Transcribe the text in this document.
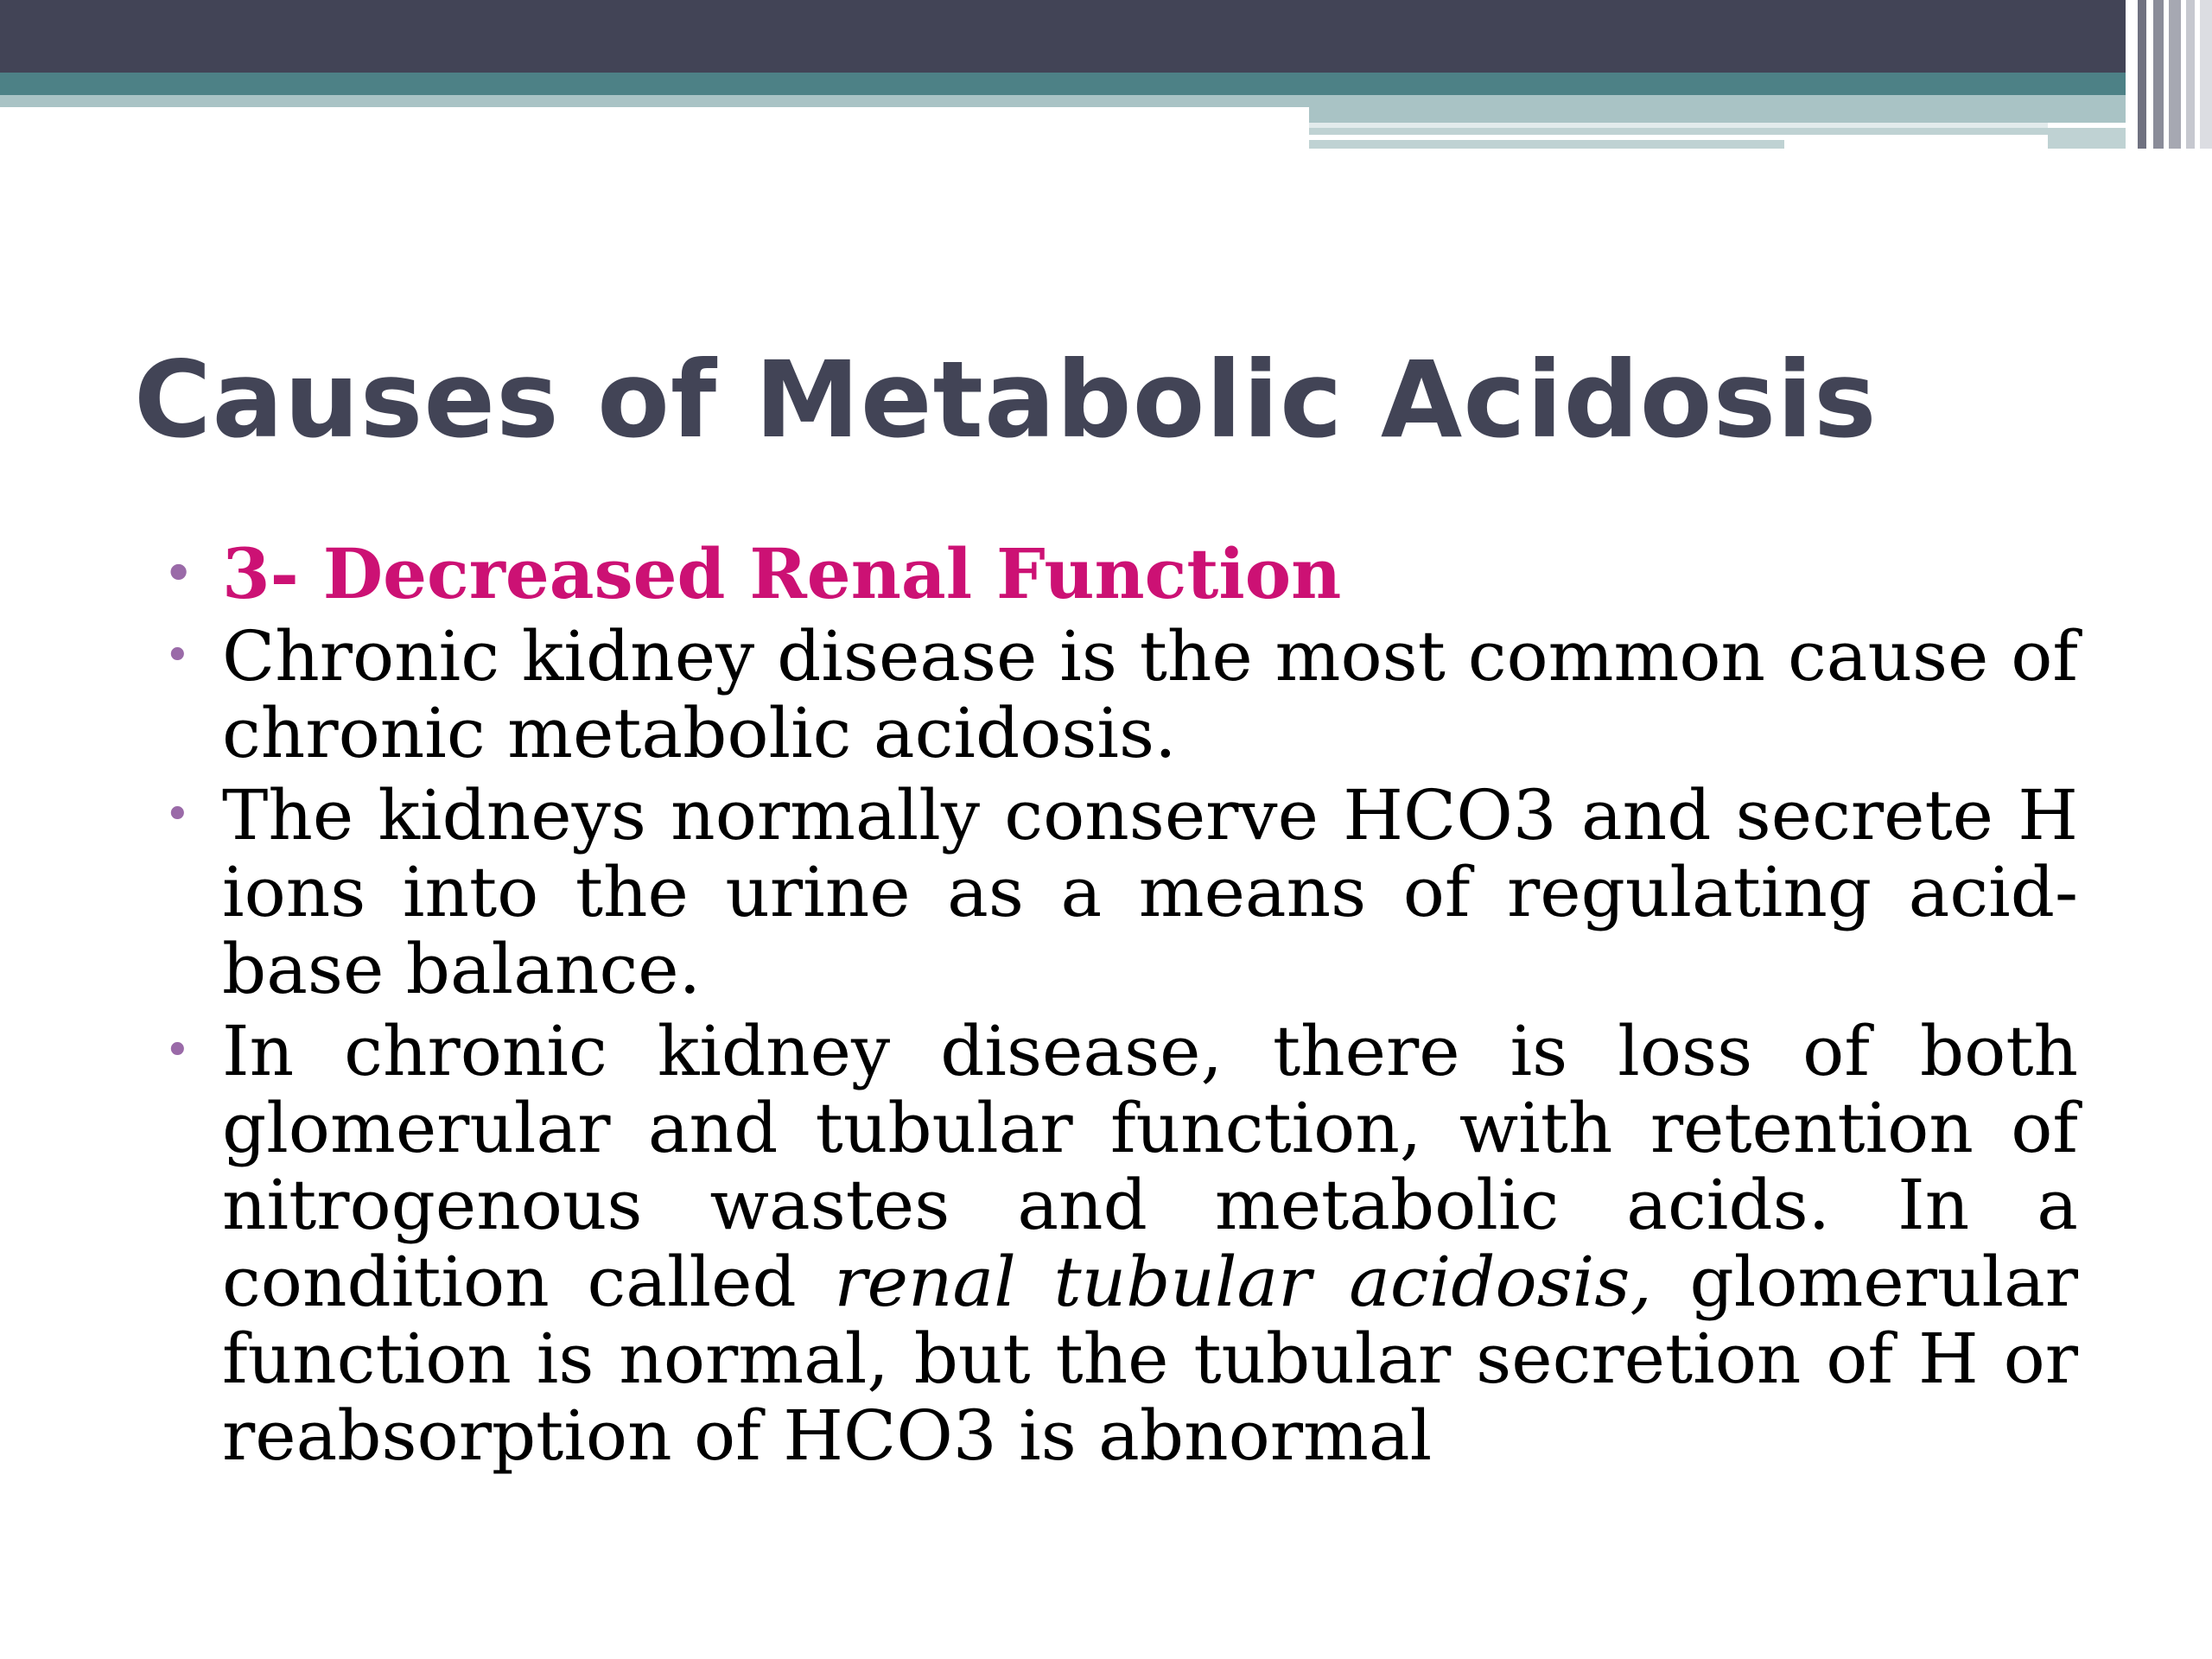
Causes of Metabolic Acidosis
• 3- Decreased Renal Function
• Chronic kidney disease is the most common cause of
chronic metabolic acidosis.
• The kidneys normally conserve HCO3 and secrete H
ions into the urine as a means of regulating acid-
base balance.
• In chronic kidney disease, there is loss of both
glomerular and tubular function, with retention of
nitrogenous wastes and metabolic acids. In a
condition called renal tubular acidosis, glomerular
function is normal, but the tubular secretion of H or
reabsorption of HCO3 is abnormal
